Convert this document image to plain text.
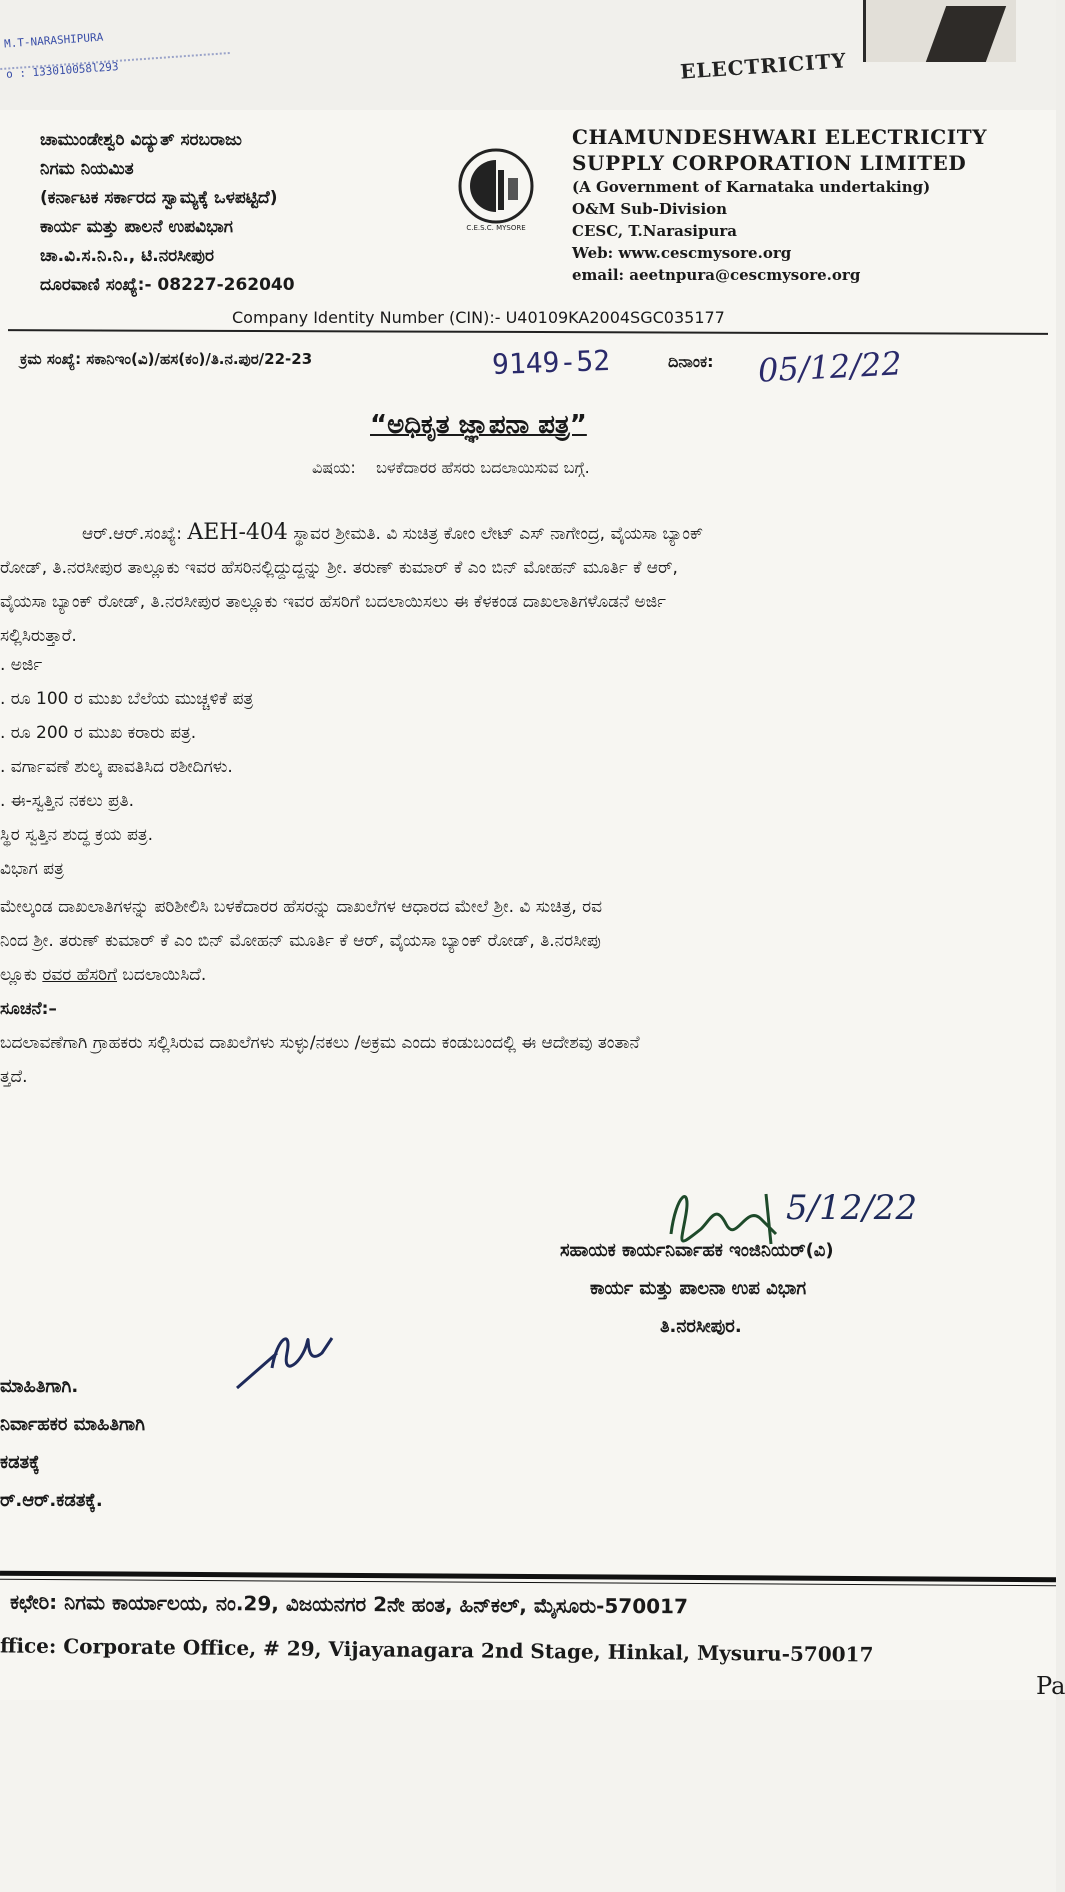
M.T-NARASHIPURA
o : 133010058l293	ELECTRICITY
ಚಾಮುಂಡೇಶ್ವರಿ ವಿದ್ಯುತ್ ಸರಬರಾಜು
ನಿಗಮ ನಿಯಮಿತ
(ಕರ್ನಾಟಕ ಸರ್ಕಾರದ ಸ್ವಾಮ್ಯಕ್ಕೆ ಒಳಪಟ್ಟಿದೆ)
ಕಾರ್ಯ ಮತ್ತು ಪಾಲನೆ ಉಪವಿಭಾಗ
ಚಾ.ವಿ.ಸ.ನಿ.ನಿ., ಟಿ.ನರಸೀಪುರ
ದೂರವಾಣಿ ಸಂಖ್ಯೆ:- 08227-262040
C.E.S.C. MYSORE
CHAMUNDESHWARI ELECTRICITY
SUPPLY CORPORATION LIMITED
(A Government of Karnataka undertaking)
O&M Sub-Division
CESC, T.Narasipura
Web: www.cescmysore.org
email: aeetnpura@cescmysore.org
Company Identity Number (CIN):- U40109KA2004SGC035177
ಕ್ರಮ ಸಂಖ್ಯೆ: ಸಕಾನಿಇಂ(ವಿ)/ಹಸ(ಕಂ)/ತಿ.ನ.ಪುರ/22-23	9149-52	ದಿನಾಂಕ: 05/12/22
“ಅಧಿಕೃತ ಜ್ಞಾಪನಾ ಪತ್ರ”
ವಿಷಯ: ಬಳಕೆದಾರರ ಹೆಸರು ಬದಲಾಯಿಸುವ ಬಗ್ಗೆ.
ಆರ್.ಆರ್.ಸಂಖ್ಯೆ: AEH-404 ಸ್ಥಾವರ ಶ್ರೀಮತಿ. ವಿ ಸುಚಿತ್ರ ಕೋಂ ಲೇಟ್ ಎಸ್ ನಾಗೇಂದ್ರ, ವೈಯಸಾ ಬ್ಯಾಂಕ್
ರೋಡ್, ತಿ.ನರಸೀಪುರ ತಾಲ್ಲೂಕು ಇವರ ಹೆಸರಿನಲ್ಲಿದ್ದುದ್ದನ್ನು ಶ್ರೀ. ತರುಣ್ ಕುಮಾರ್ ಕೆ ಎಂ ಬಿನ್ ಮೋಹನ್ ಮೂರ್ತಿ ಕೆ ಆರ್,
ವೈಯಸಾ ಬ್ಯಾಂಕ್ ರೋಡ್, ತಿ.ನರಸೀಪುರ ತಾಲ್ಲೂಕು ಇವರ ಹೆಸರಿಗೆ ಬದಲಾಯಿಸಲು ಈ ಕೆಳಕಂಡ ದಾಖಲಾತಿಗಳೊಡನೆ ಅರ್ಜಿ
ಸಲ್ಲಿಸಿರುತ್ತಾರೆ.
. ಅರ್ಜಿ
. ರೂ 100 ರ ಮುಖ ಬೆಲೆಯ ಮುಚ್ಚಳಿಕೆ ಪತ್ರ
. ರೂ 200 ರ ಮುಖ ಕರಾರು ಪತ್ರ.
. ವರ್ಗಾವಣೆ ಶುಲ್ಕ ಪಾವತಿಸಿದ ರಶೀದಿಗಳು.
. ಈ-ಸ್ವತ್ತಿನ ನಕಲು ಪ್ರತಿ.
ಸ್ಥಿರ ಸ್ವತ್ತಿನ ಶುದ್ಧ ಕ್ರಯ ಪತ್ರ.
ವಿಭಾಗ ಪತ್ರ
ಮೇಲ್ಕಂಡ ದಾಖಲಾತಿಗಳನ್ನು ಪರಿಶೀಲಿಸಿ ಬಳಕೆದಾರರ ಹೆಸರನ್ನು ದಾಖಲೆಗಳ ಆಧಾರದ ಮೇಲೆ ಶ್ರೀ. ವಿ ಸುಚಿತ್ರ, ರವ
ನಿಂದ ಶ್ರೀ. ತರುಣ್ ಕುಮಾರ್ ಕೆ ಎಂ ಬಿನ್ ಮೋಹನ್ ಮೂರ್ತಿ ಕೆ ಆರ್, ವೈಯಸಾ ಬ್ಯಾಂಕ್ ರೋಡ್, ತಿ.ನರಸೀಪು
ಲ್ಲೂಕು ರವರ ಹೆಸರಿಗೆ ಬದಲಾಯಿಸಿದೆ.
ಸೂಚನೆ:–
ಬದಲಾವಣೆಗಾಗಿ ಗ್ರಾಹಕರು ಸಲ್ಲಿಸಿರುವ ದಾಖಲೆಗಳು ಸುಳ್ಳು/ನಕಲು /ಅಕ್ರಮ ಎಂದು ಕಂಡುಬಂದಲ್ಲಿ ಈ ಆದೇಶವು ತಂತಾನೆ
ತ್ತದೆ.
5/12/22
ಸಹಾಯಕ ಕಾರ್ಯನಿರ್ವಾಹಕ ಇಂಜಿನಿಯರ್(ವಿ)
ಕಾರ್ಯ ಮತ್ತು ಪಾಲನಾ ಉಪ ವಿಭಾಗ
ತಿ.ನರಸೀಪುರ.
ಮಾಹಿತಿಗಾಗಿ.
ನಿರ್ವಾಹಕರ ಮಾಹಿತಿಗಾಗಿ
ಕಡತಕ್ಕೆ
ರ್.ಆರ್.ಕಡತಕ್ಕೆ.
ಕಛೇರಿ: ನಿಗಮ ಕಾರ್ಯಾಲಯ, ನಂ.29, ವಿಜಯನಗರ 2ನೇ ಹಂತ, ಹಿನ್‌ಕಲ್, ಮೈಸೂರು-570017
ffice: Corporate Office, # 29, Vijayanagara 2nd Stage, Hinkal, Mysuru-570017
Pa
